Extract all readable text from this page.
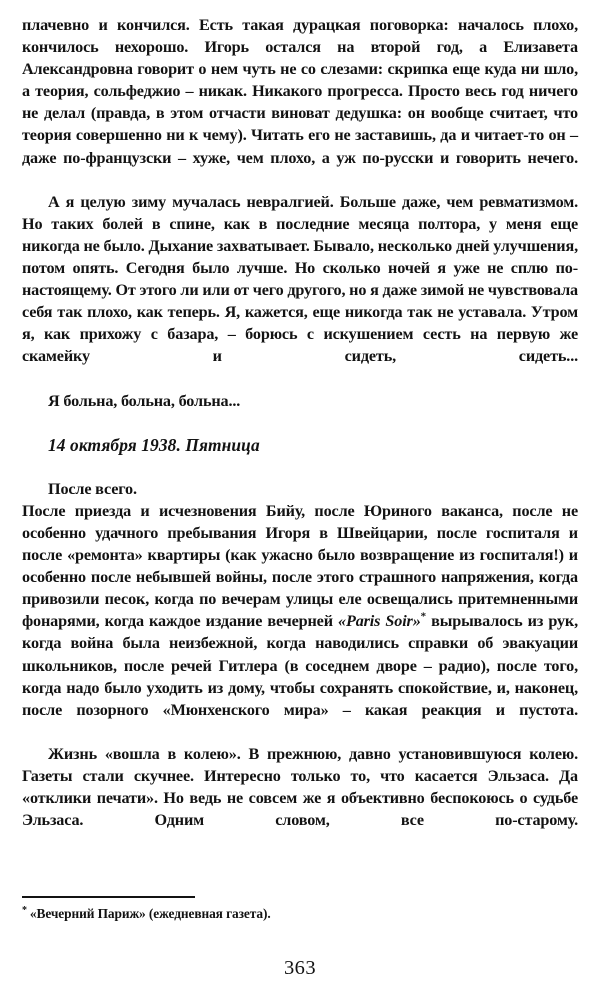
плачевно и кончился. Есть такая дурацкая поговорка: началось плохо, кончилось нехорошо. Игорь остался на второй год, а Елизавета Александровна говорит о нем чуть не со слезами: скрипка еще куда ни шло, а теория, сольфеджио – никак. Никакого прогресса. Просто весь год ничего не делал (правда, в этом отчасти виноват дедушка: он вообще считает, что теория совершенно ни к чему). Читать его не заставишь, да и читает-то он – даже по-французски – хуже, чем плохо, а уж по-русски и говорить нечего.

А я целую зиму мучалась невралгией. Больше даже, чем ревматизмом. Но таких болей в спине, как в последние месяца полтора, у меня еще никогда не было. Дыхание захватывает. Бывало, несколько дней улучшения, потом опять. Сегодня было лучше. Но сколько ночей я уже не сплю по-настоящему. От этого ли или от чего другого, но я даже зимой не чувствовала себя так плохо, как теперь. Я, кажется, еще никогда так не уставала. Утром я, как прихожу с базара, – борюсь с искушением сесть на первую же скамейку и сидеть, сидеть...

Я больна, больна, больна...

14 октября 1938. Пятница

После всего.

После приезда и исчезновения Бийу, после Юриного ваканса, после не особенно удачного пребывания Игоря в Швейцарии, после госпиталя и после «ремонта» квартиры (как ужасно было возвращение из госпиталя!) и особенно после небывшей войны, после этого страшного напряжения, когда привозили песок, когда по вечерам улицы еле освещались притемненными фонарями, когда каждое издание вечерней «Paris Soir»* вырывалось из рук, когда война была неизбежной, когда наводились справки об эвакуации школьников, после речей Гитлера (в соседнем дворе – радио), после того, когда надо было уходить из дому, чтобы сохранять спокойствие, и, наконец, после позорного «Мюнхенского мира» – какая реакция и пустота.

Жизнь «вошла в колею». В прежнюю, давно установившуюся колею. Газеты стали скучнее. Интересно только то, что касается Эльзаса. Да «отклики печати». Но ведь не совсем же я объективно беспокоюсь о судьбе Эльзаса. Одним словом, все по-старому.

* «Вечерний Париж» (ежедневная газета).

363
